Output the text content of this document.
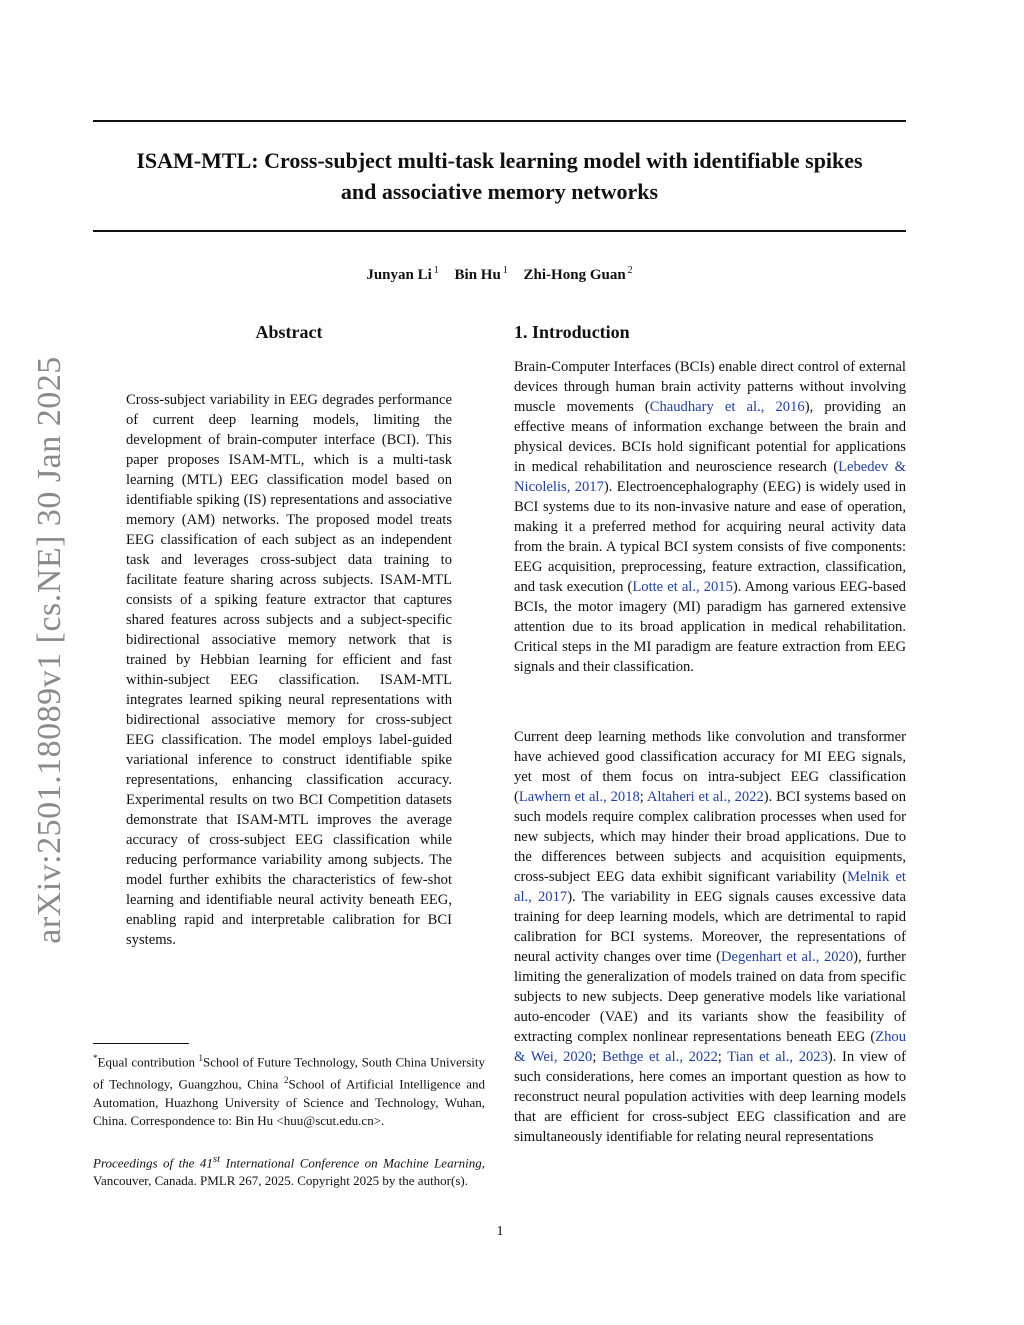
ISAM-MTL: Cross-subject multi-task learning model with identifiable spikes
and associative memory networks
Junyan Li $^1$ Bin Hu $^1$ Zhi-Hong Guan $^2$
arXiv:2501.18089v1 [cs.NE] 30 Jan 2025
Abstract

Cross-subject variability in EEG degrades performance of current deep learning models, limiting the development of brain-computer interface (BCI). This paper proposes ISAM-MTL, which is a multi-task learning (MTL) EEG classification model based on identifiable spiking (IS) representations and associative memory (AM) networks. The proposed model treats EEG classification of each subject as an independent task and leverages cross-subject data training to facilitate feature sharing across subjects. ISAM-MTL consists of a spiking feature extractor that captures shared features across subjects and a subject-specific bidirectional associative memory network that is trained by Hebbian learning for efficient and fast within-subject EEG classification. ISAM-MTL integrates learned spiking neural representations with bidirectional associative memory for cross-subject EEG classification. The model employs label-guided variational inference to construct identifiable spike representations, enhancing classification accuracy. Experimental results on two BCI Competition datasets demonstrate that ISAM-MTL improves the average accuracy of cross-subject EEG classification while reducing performance variability among subjects. The model further exhibits the characteristics of few-shot learning and identifiable neural activity beneath EEG, enabling rapid and interpretable calibration for BCI systems.

*Equal contribution $^1$School of Future Technology, South China University of Technology, Guangzhou, China $^2$School of Artificial Intelligence and Automation, Huazhong University of Science and Technology, Wuhan, China. Correspondence to: Bin Hu <huu@scut.edu.cn>.

Proceedings of the 41st International Conference on Machine Learning, Vancouver, Canada. PMLR 267, 2025. Copyright 2025 by the author(s).

1. Introduction

Brain-Computer Interfaces (BCIs) enable direct control of external devices through human brain activity patterns without involving muscle movements (Chaudhary et al., 2016), providing an effective means of information exchange between the brain and physical devices. BCIs hold significant potential for applications in medical rehabilitation and neuroscience research (Lebedev & Nicolelis, 2017). Electroencephalography (EEG) is widely used in BCI systems due to its non-invasive nature and ease of operation, making it a preferred method for acquiring neural activity data from the brain. A typical BCI system consists of five components: EEG acquisition, preprocessing, feature extraction, classification, and task execution (Lotte et al., 2015). Among various EEG-based BCIs, the motor imagery (MI) paradigm has garnered extensive attention due to its broad application in medical rehabilitation. Critical steps in the MI paradigm are feature extraction from EEG signals and their classification.

Current deep learning methods like convolution and transformer have achieved good classification accuracy for MI EEG signals, yet most of them focus on intra-subject EEG classification (Lawhern et al., 2018; Altaheri et al., 2022). BCI systems based on such models require complex calibration processes when used for new subjects, which may hinder their broad applications. Due to the differences between subjects and acquisition equipments, cross-subject EEG data exhibit significant variability (Melnik et al., 2017). The variability in EEG signals causes excessive data training for deep learning models, which are detrimental to rapid calibration for BCI systems. Moreover, the representations of neural activity changes over time (Degenhart et al., 2020), further limiting the generalization of models trained on data from specific subjects to new subjects. Deep generative models like variational auto-encoder (VAE) and its variants show the feasibility of extracting complex nonlinear representations beneath EEG (Zhou & Wei, 2020; Bethge et al., 2022; Tian et al., 2023). In view of such considerations, here comes an important question as how to reconstruct neural population activities with deep learning models that are efficient for cross-subject EEG classification and are simultaneously identifiable for relating neural representations

1
